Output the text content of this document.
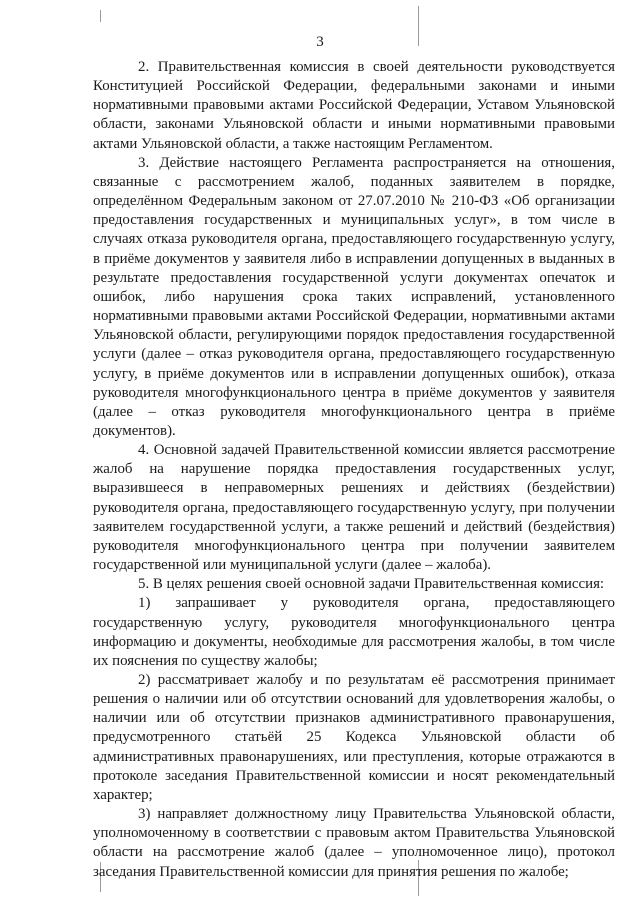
3

2. Правительственная комиссия в своей деятельности руководствуется Конституцией Российской Федерации, федеральными законами и иными нормативными правовыми актами Российской Федерации, Уставом Ульяновской области, законами Ульяновской области и иными нормативными правовыми актами Ульяновской области, а также настоящим Регламентом.

3. Действие настоящего Регламента распространяется на отношения, связанные с рассмотрением жалоб, поданных заявителем в порядке, определённом Федеральным законом от 27.07.2010 № 210-ФЗ «Об организации предоставления государственных и муниципальных услуг», в том числе в случаях отказа руководителя органа, предоставляющего государственную услугу, в приёме документов у заявителя либо в исправлении допущенных в выданных в результате предоставления государственной услуги документах опечаток и ошибок, либо нарушения срока таких исправлений, установленного нормативными правовыми актами Российской Федерации, нормативными актами Ульяновской области, регулирующими порядок предоставления государственной услуги (далее – отказ руководителя органа, предоставляющего государственную услугу, в приёме документов или в исправлении допущенных ошибок), отказа руководителя многофункционального центра в приёме документов у заявителя (далее – отказ руководителя многофункционального центра в приёме документов).

4. Основной задачей Правительственной комиссии является рассмотрение жалоб на нарушение порядка предоставления государственных услуг, выразившееся в неправомерных решениях и действиях (бездействии) руководителя органа, предоставляющего государственную услугу, при получении заявителем государственной услуги, а также решений и действий (бездействия) руководителя многофункционального центра при получении заявителем государственной или муниципальной услуги (далее – жалоба).

5. В целях решения своей основной задачи Правительственная комиссия:

1) запрашивает у руководителя органа, предоставляющего государственную услугу, руководителя многофункционального центра информацию и документы, необходимые для рассмотрения жалобы, в том числе их пояснения по существу жалобы;

2) рассматривает жалобу и по результатам её рассмотрения принимает решения о наличии или об отсутствии оснований для удовлетворения жалобы, о наличии или об отсутствии признаков административного правонарушения, предусмотренного статьёй 25 Кодекса Ульяновской области об административных правонарушениях, или преступления, которые отражаются в протоколе заседания Правительственной комиссии и носят рекомендательный характер;

3) направляет должностному лицу Правительства Ульяновской области, уполномоченному в соответствии с правовым актом Правительства Ульяновской области на рассмотрение жалоб (далее – уполномоченное лицо), протокол заседания Правительственной комиссии для принятия решения по жалобе;
